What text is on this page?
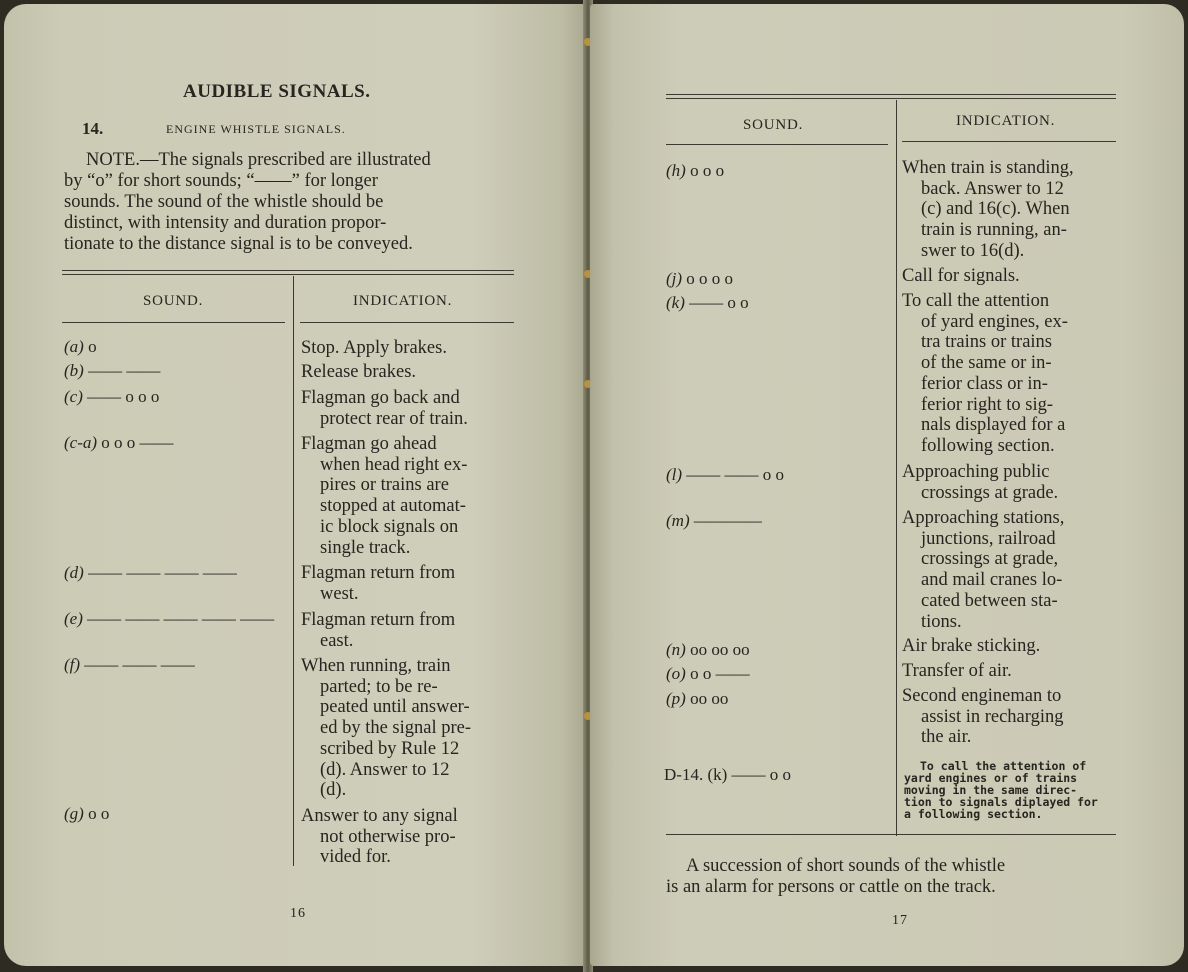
AUDIBLE SIGNALS.
14.	ENGINE WHISTLE SIGNALS.
NOTE.—The signals prescribed are illustrated
by “o” for short sounds; “——” for longer
sounds. The sound of the whistle should be
distinct, with intensity and duration propor-
tionate to the distance signal is to be conveyed.
SOUND.	INDICATION.
(a) o	Stop. Apply brakes.
(b) —— ——	Release brakes.
(c) —— o o o	Flagman go back and
protect rear of train.
(c-a) o o o ——	Flagman go ahead
when head right ex-
pires or trains are
stopped at automat-
ic block signals on
single track.
(d) —— —— —— ——	Flagman return from
west.
(e) —— —— —— —— —— Flagman return from
east.
(f) —— —— ——	When running, train
parted; to be re-
peated until answer-
ed by the signal pre-
scribed by Rule 12
(d). Answer to 12
(d).
(g) o o	Answer to any signal
not otherwise pro-
vided for.
16
SOUND.	INDICATION.
(h) o o o	When train is standing,
back. Answer to 12
(c) and 16(c). When
train is running, an-
swer to 16(d).
(j) o o o o	Call for signals.
(k) —— o o	To call the attention
of yard engines, ex-
tra trains or trains
of the same or in-
ferior class or in-
ferior right to sig-
nals displayed for a
following section.
(l) —— —— o o	Approaching public
crossings at grade.
(m) ————	Approaching stations,
junctions, railroad
crossings at grade,
and mail cranes lo-
cated between sta-
tions.
(n) oo oo oo	Air brake sticking.
(o) o o ——	Transfer of air.
(p) oo oo	Second engineman to
assist in recharging
the air.
D-14. (k) —— o o	To call the attention of
yard engines or of trains
moving in the same direc-
tion to signals diplayed for
a following section.
A succession of short sounds of the whistle
is an alarm for persons or cattle on the track.
17
